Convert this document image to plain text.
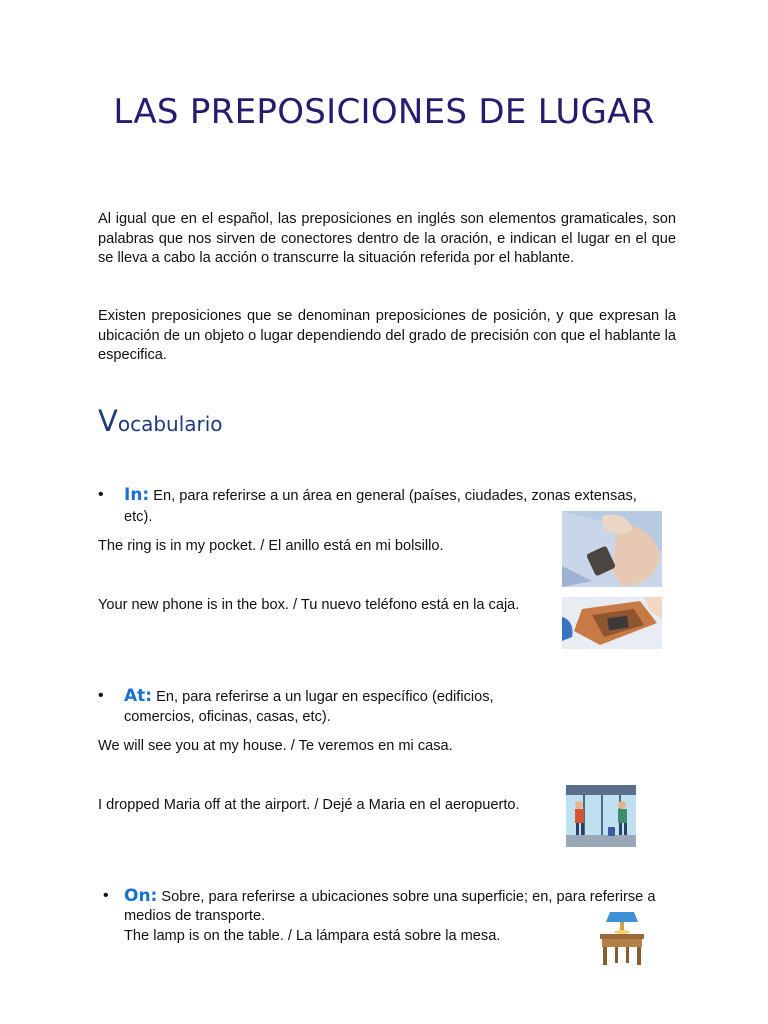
LAS PREPOSICIONES DE LUGAR
Al igual que en el español, las preposiciones en inglés son elementos gramaticales, son palabras que nos sirven de conectores dentro de la oración, e indican el lugar en el que se lleva a cabo la acción o transcurre la situación referida por el hablante.
Existen preposiciones que se denominan preposiciones de posición, y que expresan la ubicación de un objeto o lugar dependiendo del grado de precisión con que el hablante la especifica.
Vocabulario
• In: En, para referirse a un área en general (países, ciudades, zonas extensas,
etc).
The ring is in my pocket. / El anillo está en mi bolsillo.
Your new phone is in the box. / Tu nuevo teléfono está en la caja.
• At: En, para referirse a un lugar en específico (edificios,
comercios, oficinas, casas, etc).
We will see you at my house. / Te veremos en mi casa.
I dropped Maria off at the airport. / Dejé a Maria en el aeropuerto.
• On: Sobre, para referirse a ubicaciones sobre una superficie; en, para referirse a
medios de transporte.
The lamp is on the table. / La lámpara está sobre la mesa.
